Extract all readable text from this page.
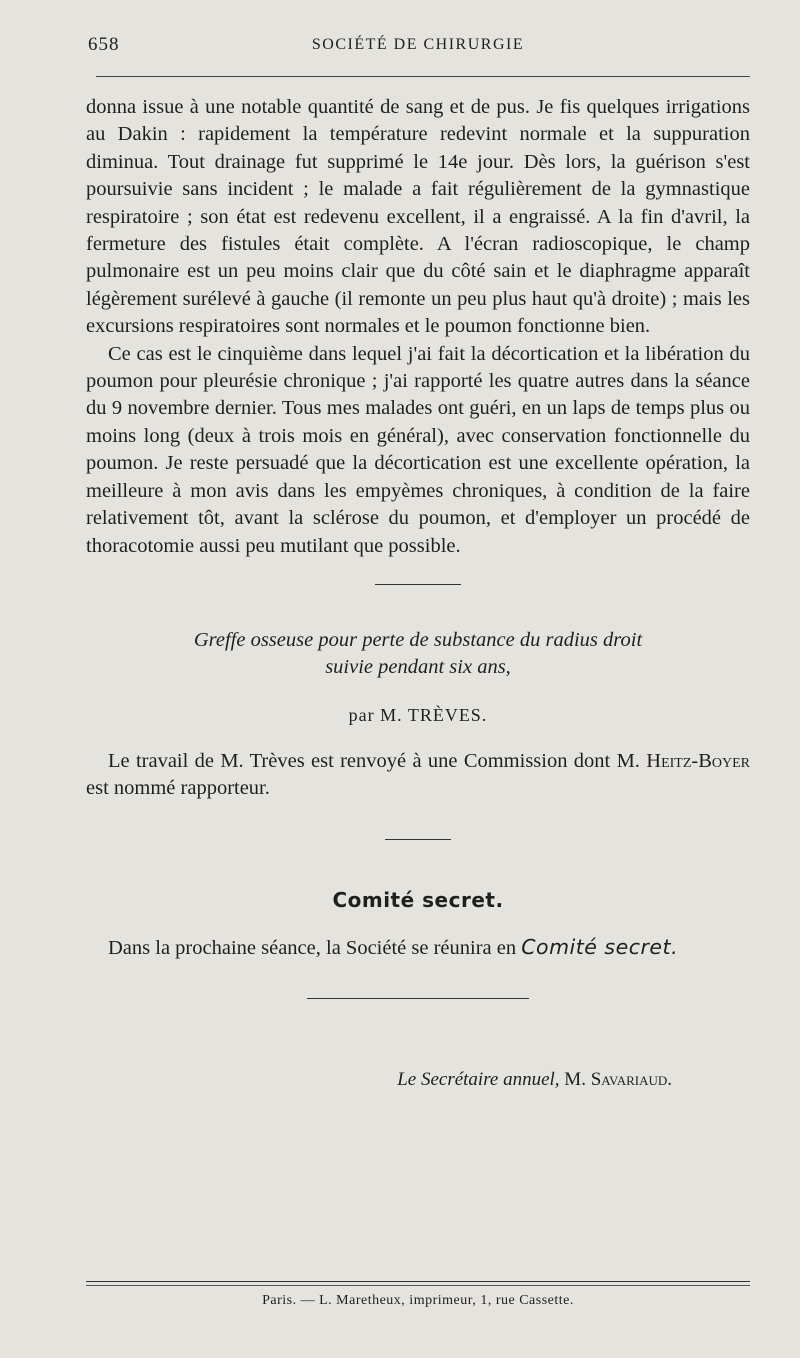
658	SOCIÉTÉ DE CHIRURGIE

donna issue à une notable quantité de sang et de pus. Je fis quelques irrigations au Dakin : rapidement la température redevint normale et la suppuration diminua. Tout drainage fut supprimé le 14e jour. Dès lors, la guérison s'est poursuivie sans incident ; le malade a fait régulièrement de la gymnastique respiratoire ; son état est redevenu excellent, il a engraissé. A la fin d'avril, la fermeture des fistules était complète. A l'écran radioscopique, le champ pulmonaire est un peu moins clair que du côté sain et le diaphragme apparaît légèrement surélevé à gauche (il remonte un peu plus haut qu'à droite) ; mais les excursions respiratoires sont normales et le poumon fonctionne bien.

Ce cas est le cinquième dans lequel j'ai fait la décortication et la libération du poumon pour pleurésie chronique ; j'ai rapporté les quatre autres dans la séance du 9 novembre dernier. Tous mes malades ont guéri, en un laps de temps plus ou moins long (deux à trois mois en général), avec conservation fonctionnelle du poumon. Je reste persuadé que la décortication est une excellente opération, la meilleure à mon avis dans les empyèmes chroniques, à condition de la faire relativement tôt, avant la sclérose du poumon, et d'employer un procédé de thoracotomie aussi peu mutilant que possible.

Greffe osseuse pour perte de substance du radius droit
suivie pendant six ans,
par M. TRÈVES.

Le travail de M. Trèves est renvoyé à une Commission dont M. Heitz-Boyer est nommé rapporteur.

Comité secret.

Dans la prochaine séance, la Société se réunira en Comité secret.

Le Secrétaire annuel, M. Savariaud.
Paris. — L. Maretheux, imprimeur, 1, rue Cassette.
